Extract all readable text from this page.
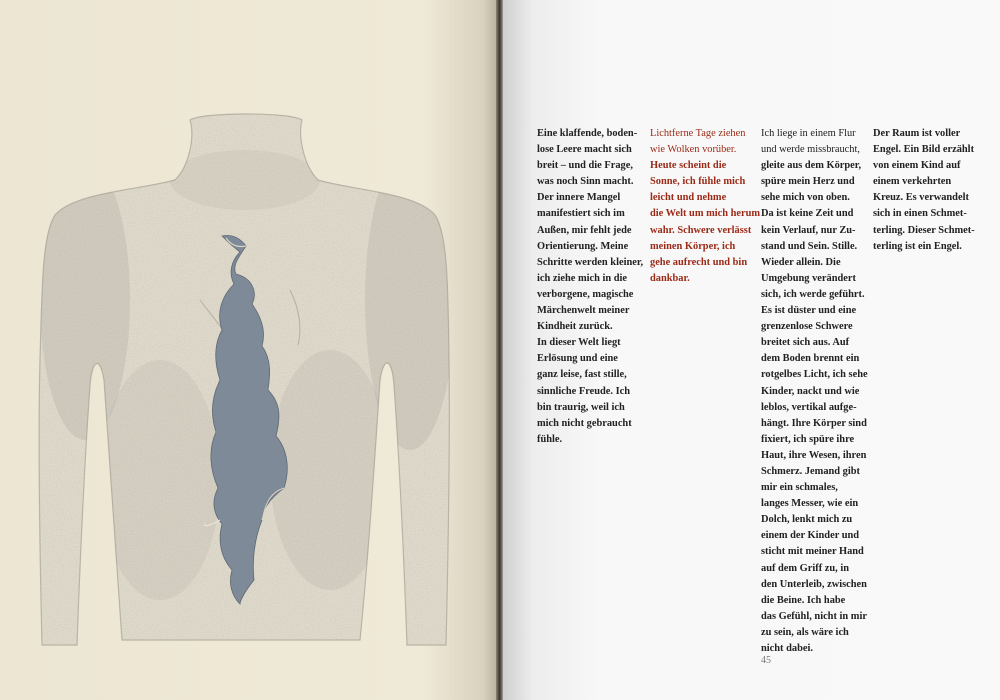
Eine klaffende, boden-
lose Leere macht sich
breit – und die Frage,
was noch Sinn macht.
Der innere Mangel
manifestiert sich im
Außen, mir fehlt jede
Orientierung. Meine
Schritte werden kleiner,
ich ziehe mich in die
verborgene, magische
Märchenwelt meiner
Kindheit zurück.
In dieser Welt liegt
Erlösung und eine
ganz leise, fast stille,
sinnliche Freude. Ich
bin traurig, weil ich
mich nicht gebraucht
fühle.
Lichtferne Tage ziehen
wie Wolken vorüber.
Heute scheint die
Sonne, ich fühle mich
leicht und nehme
die Welt um mich herum
wahr. Schwere verlässt
meinen Körper, ich
gehe aufrecht und bin
dankbar.
Ich liege in einem Flur
und werde missbraucht,
gleite aus dem Körper,
spüre mein Herz und
sehe mich von oben.
Da ist keine Zeit und
kein Verlauf, nur Zu-
stand und Sein. Stille.
Wieder allein. Die
Umgebung verändert
sich, ich werde geführt.
Es ist düster und eine
grenzenlose Schwere
breitet sich aus. Auf
dem Boden brennt ein
rotgelbes Licht, ich sehe
Kinder, nackt und wie
leblos, vertikal aufge-
hängt. Ihre Körper sind
fixiert, ich spüre ihre
Haut, ihre Wesen, ihren
Schmerz. Jemand gibt
mir ein schmales,
langes Messer, wie ein
Dolch, lenkt mich zu
einem der Kinder und
sticht mit meiner Hand
auf dem Griff zu, in
den Unterleib, zwischen
die Beine. Ich habe
das Gefühl, nicht in mir
zu sein, als wäre ich
nicht dabei.
Der Raum ist voller
Engel. Ein Bild erzählt
von einem Kind auf
einem verkehrten
Kreuz. Es verwandelt
sich in einen Schmet-
terling. Dieser Schmet-
terling ist ein Engel.
45
